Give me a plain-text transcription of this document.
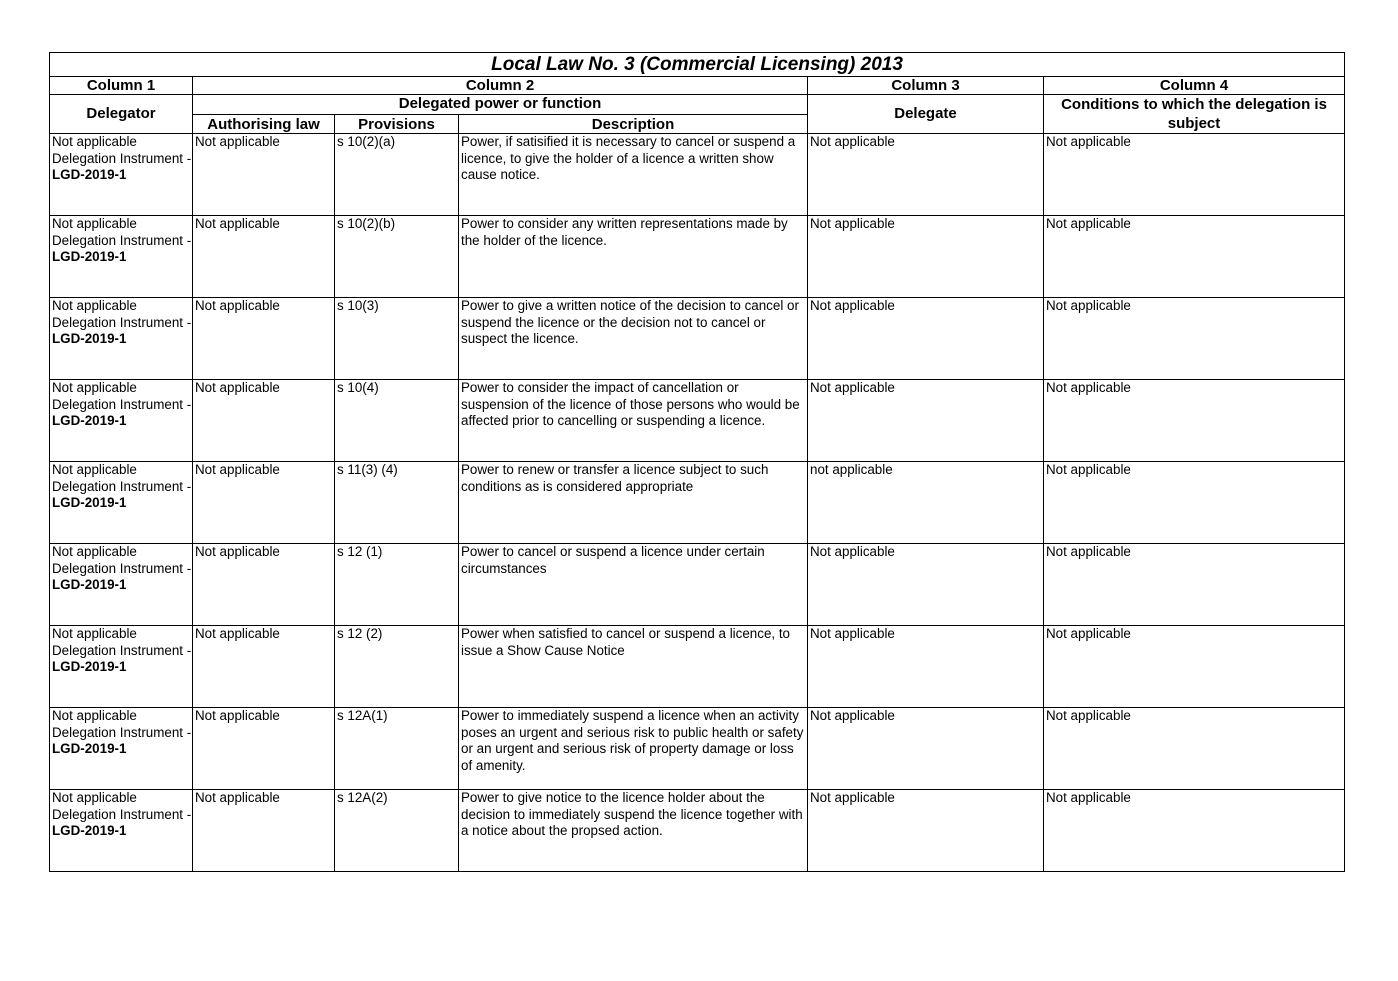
Local Law No. 3 (Commercial Licensing) 2013					
Column 1	Column 2			Column 3	Column 4
Delegator	Delegated power or function			Delegate	Conditions to which the delegation is subject
	Authorising law	Provisions	Description		
Not applicable
Delegation Instrument -
LGD-2019-1	Not applicable	s 10(2)(a)	Power, if satisified it is necessary to cancel or suspend a licence, to give the holder of a licence a written show cause notice.	Not applicable	Not applicable
Not applicable
Delegation Instrument -
LGD-2019-1	Not applicable	s 10(2)(b)	Power to consider any written representations made by the holder of the licence.	Not applicable	Not applicable
Not applicable
Delegation Instrument -
LGD-2019-1	Not applicable	s 10(3)	Power to give a written notice of the decision to cancel or suspend the licence or the decision not to cancel or suspect the licence.	Not applicable	Not applicable
Not applicable
Delegation Instrument -
LGD-2019-1	Not applicable	s 10(4)	Power to consider the impact of cancellation or suspension of the licence of those persons who would be affected prior to cancelling or suspending a licence.	Not applicable	Not applicable
Not applicable
Delegation Instrument -
LGD-2019-1	Not applicable	s 11(3) (4)	Power to renew or transfer a licence subject to such conditions as is considered appropriate	not applicable	Not applicable
Not applicable
Delegation Instrument -
LGD-2019-1	Not applicable	s 12 (1)	Power to cancel or suspend a licence under certain circumstances	Not applicable	Not applicable
Not applicable
Delegation Instrument -
LGD-2019-1	Not applicable	s 12 (2)	Power when satisfied to cancel or suspend a licence, to issue a Show Cause Notice	Not applicable	Not applicable
Not applicable
Delegation Instrument -
LGD-2019-1	Not applicable	s 12A(1)	Power to immediately suspend a licence when an activity poses an urgent and serious risk to public health or safety or an urgent and serious risk of property damage or loss of amenity.	Not applicable	Not applicable
Not applicable
Delegation Instrument -
LGD-2019-1	Not applicable	s 12A(2)	Power to give notice to the licence holder about the decision to immediately suspend the licence together with a notice about the propsed action.	Not applicable	Not applicable
